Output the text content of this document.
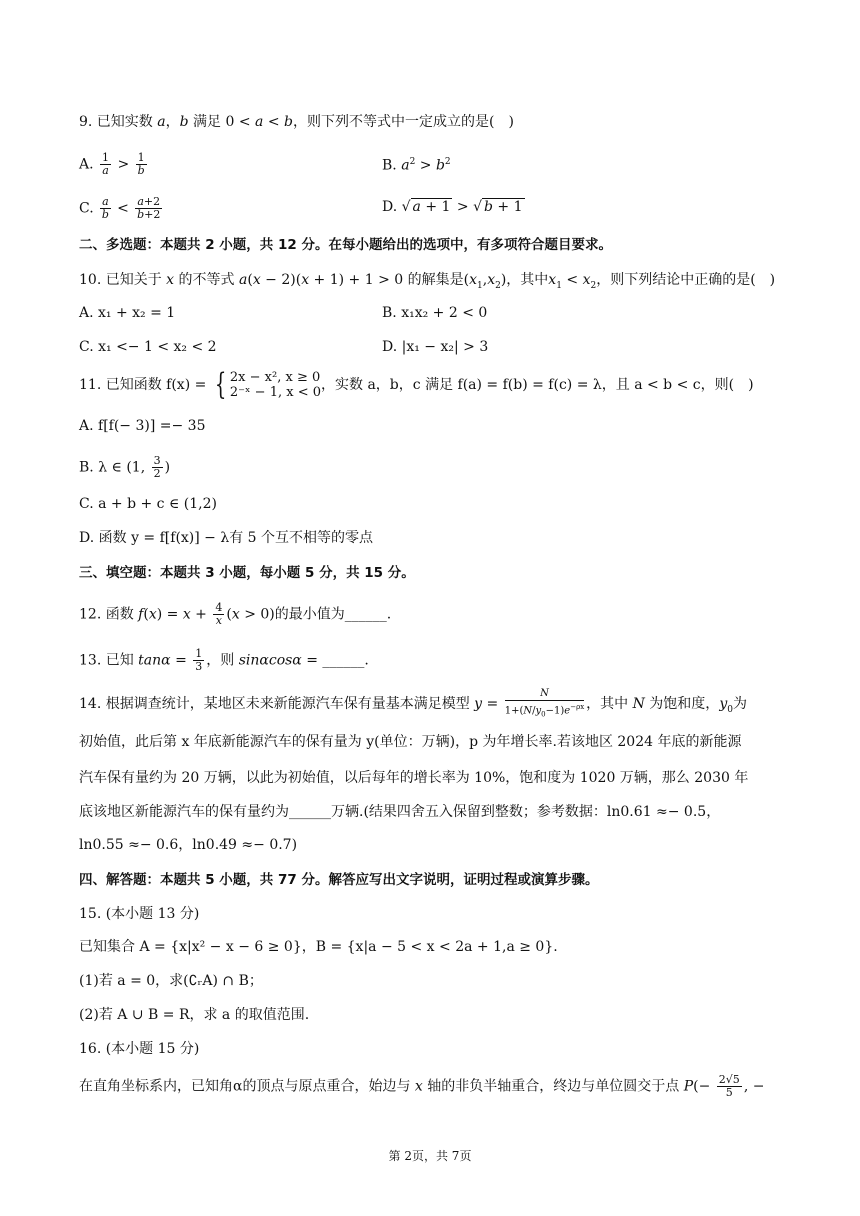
9. 已知实数 a，b 满足 0 < a < b，则下列不等式中一定成立的是(　)
A. $\frac{1}{a} > \frac{1}{b}$	B. $a^2 > b^2$
C. $\frac{a}{b} < \frac{a+2}{b+2}$	D. √ a + 1 > √ b + 1
二、多选题：本题共 2 小题，共 12 分。在每小题给出的选项中，有多项符合题目要求。
10. 已知关于 x 的不等式 a(x − 2)(x + 1) + 1 > 0 的解集是$(x_1,x_2)$，其中$x_1 < x_2$，则下列结论中正确的是(　)
A. x₁ + x₂ = 1	B. x₁x₂ + 2 < 0
C. x₁ <− 1 < x₂ < 2	D. |x₁ − x₂| > 3
11. 已知函数 f(x) = { 2x − x², x ≥ 0
2⁻ˣ − 1, x < 0 ，实数 a，b，c 满足 f(a) = f(b) = f(c) = λ，且 a < b < c，则(　)
A. f[f(− 3)] =− 35
B. λ ∈ (1, $\frac{3}{2}$ )
C. a + b + c ∈ (1,2)
D. 函数 y = f[f(x)] − λ有 5 个互不相等的零点
三、填空题：本题共 3 小题，每小题 5 分，共 15 分。
12. 函数 $f(x) = x + \frac{4}{x} (x > 0)$的最小值为______.
13. 已知 $\tan\alpha = \frac{1}{3}$ ，则 sinαcosα = ______.
14. 根据调查统计，某地区未来新能源汽车保有量基本满足模型 $y = \frac{N}{1+(N/y_0-1)e^{-\rho x}}$ ，其中 N 为饱和度，$y_0$为
初始值，此后第 x 年底新能源汽车的保有量为 y(单位：万辆)，p 为年增长率.若该地区 2024 年底的新能源
汽车保有量约为 20 万辆，以此为初始值，以后每年的增长率为 10%，饱和度为 1020 万辆，那么 2030 年
底该地区新能源汽车的保有量约为______万辆.(结果四舍五入保留到整数；参考数据：ln0.61 ≈− 0.5，
ln0.55 ≈− 0.6，ln0.49 ≈− 0.7)
四、解答题：本题共 5 小题，共 77 分。解答应写出文字说明，证明过程或演算步骤。
15. (本小题 13 分)
已知集合 A = {x|x² − x − 6 ≥ 0}，B = {x|a − 5 < x < 2a + 1,a ≥ 0}.
(1)若 a = 0，求(∁ᵣA) ∩ B；
(2)若 A ∪ B = R，求 a 的取值范围.
16. (本小题 15 分)
在直角坐标系内，已知角α的顶点与原点重合，始边与 x 轴的非负半轴重合，终边与单位圆交于点 $P(- \frac{2√5}{5}$ , −
第 2页，共 7页
